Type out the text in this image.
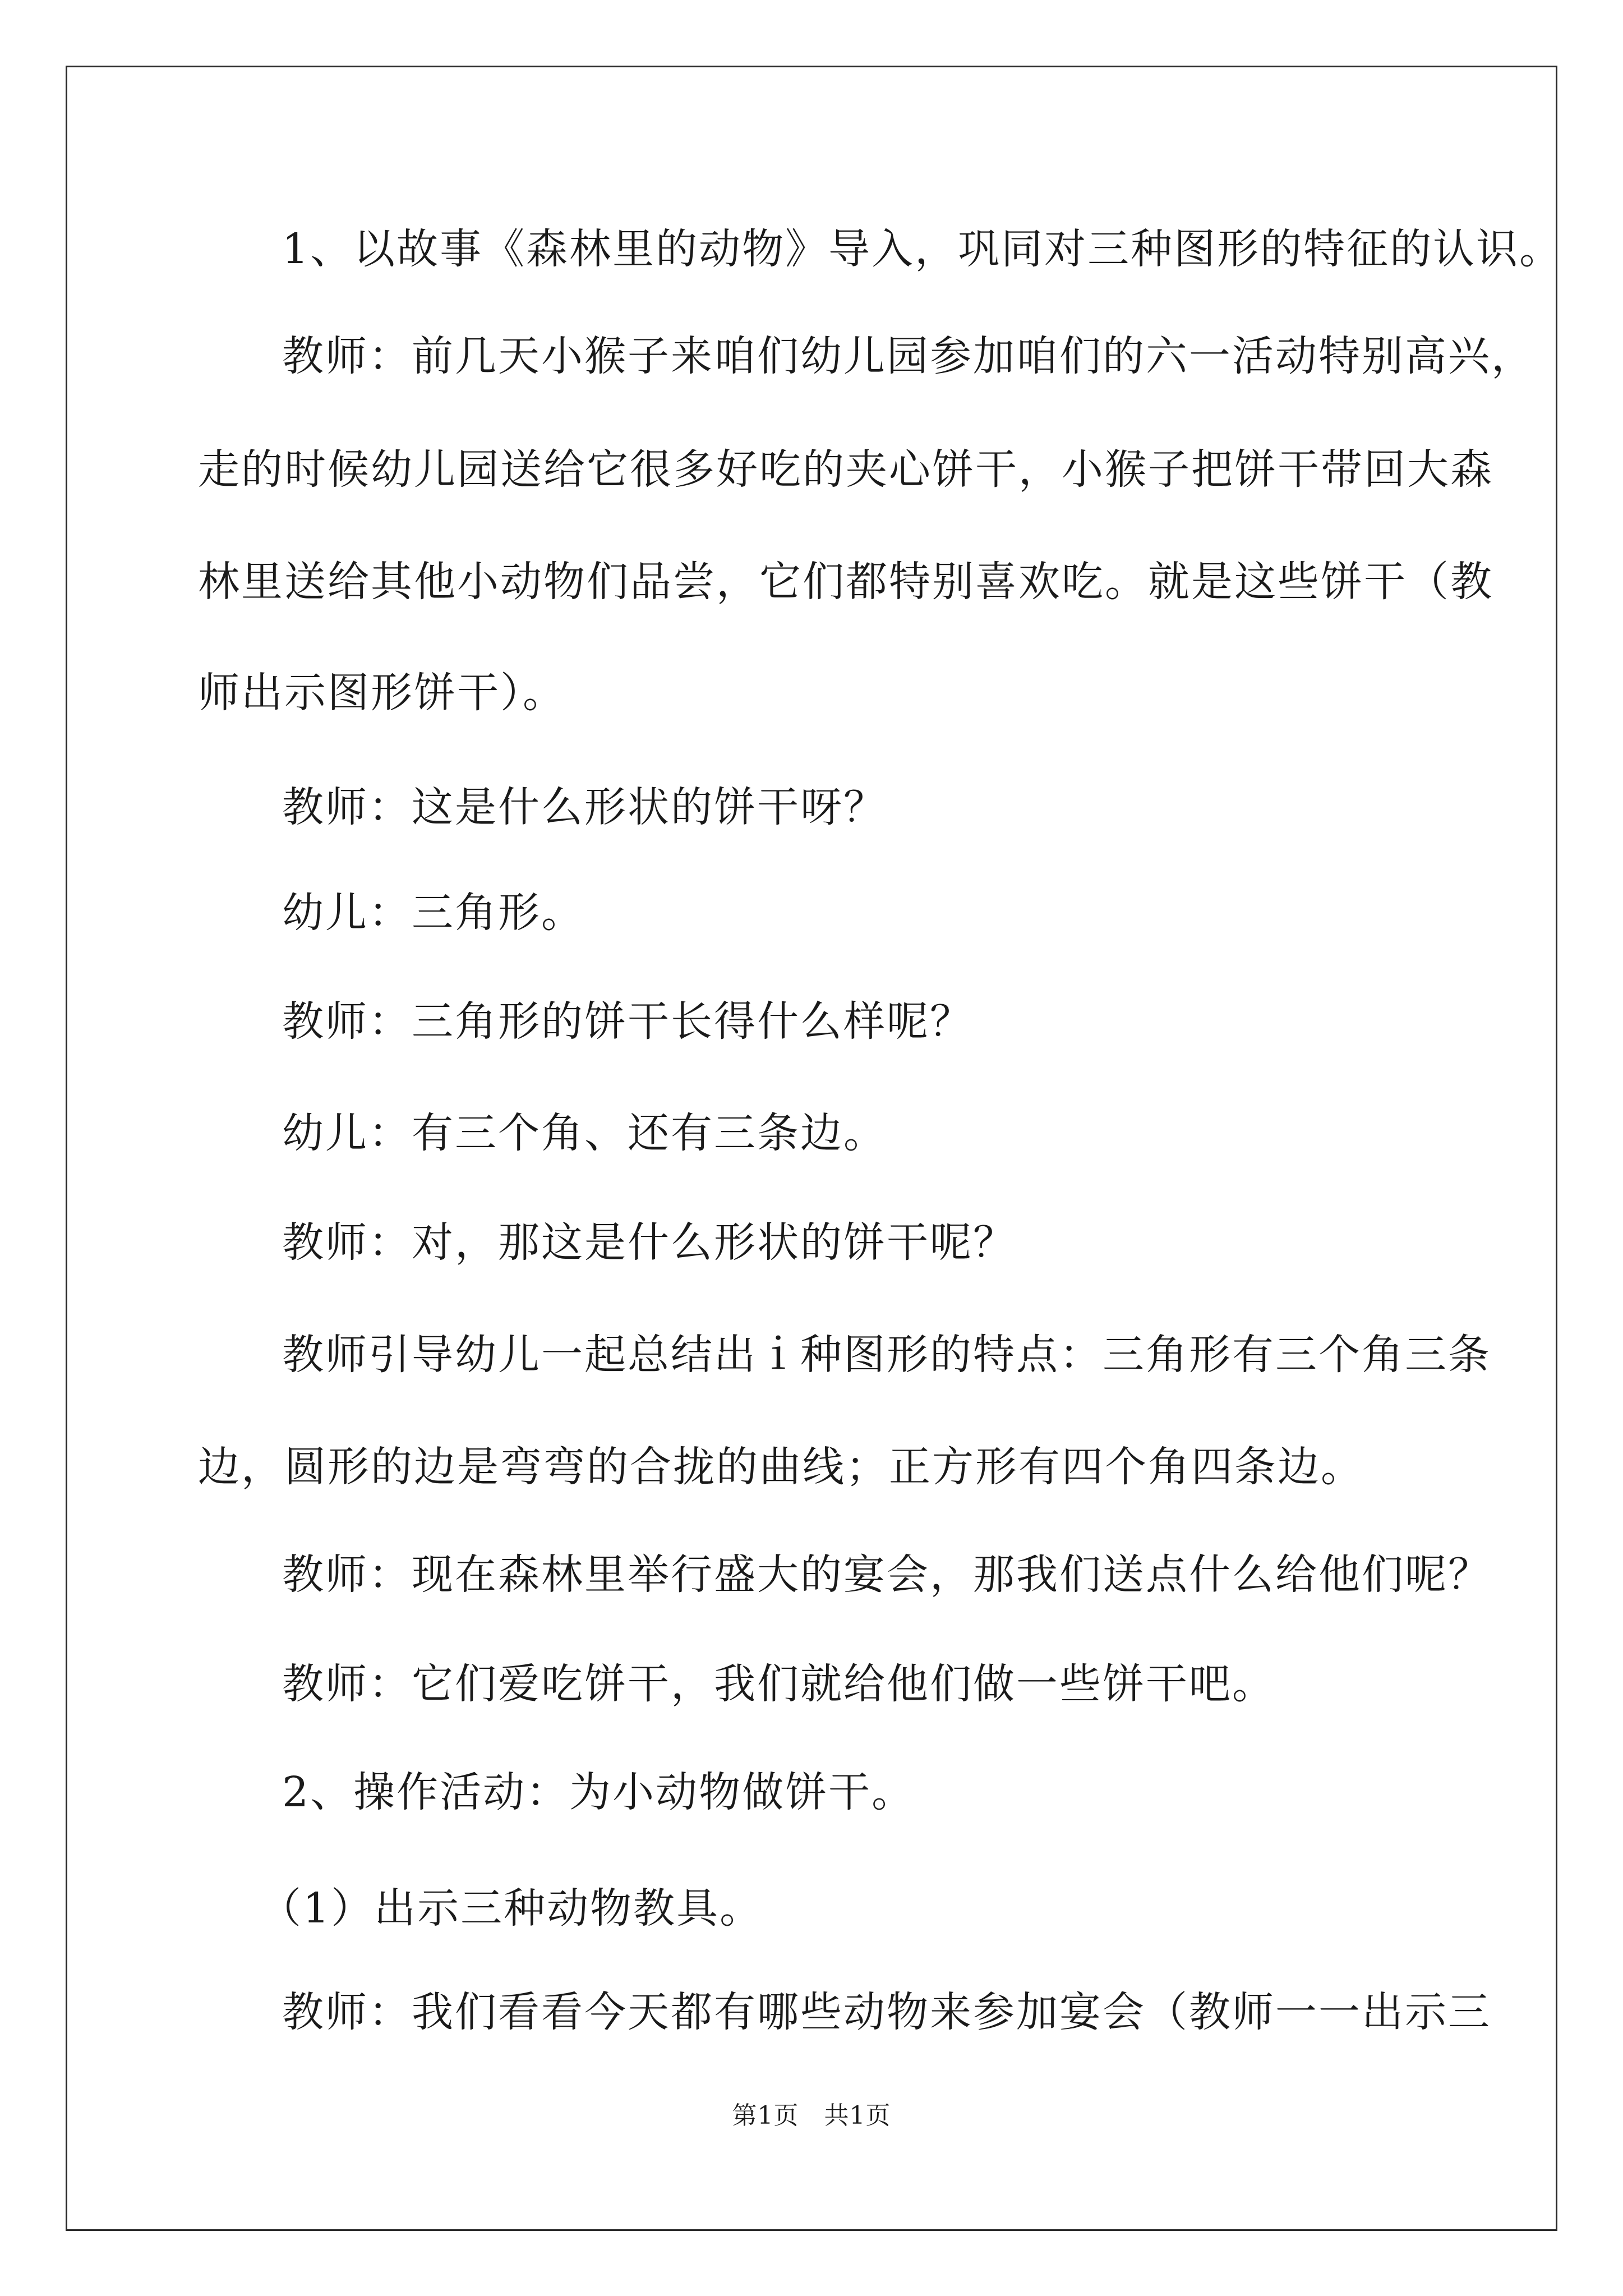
1、以故事《森林里的动物》导入，巩同对三种图形的特征的认识。
教师：前几天小猴子来咱们幼儿园参加咱们的六一活动特别高兴，
走的时候幼儿园送给它很多好吃的夹心饼干，小猴子把饼干带回大森
林里送给其他小动物们品尝，它们都特别喜欢吃。就是这些饼干（教
师出示图形饼干）。
教师：这是什么形状的饼干呀？
幼儿：三角形。
教师：三角形的饼干长得什么样呢？
幼儿：有三个角、还有三条边。
教师：对，那这是什么形状的饼干呢？
教师引导幼儿一起总结出ｉ种图形的特点：三角形有三个角三条
边，圆形的边是弯弯的合拢的曲线；正方形有四个角四条边。
教师：现在森林里举行盛大的宴会，那我们送点什么给他们呢？
教师：它们爱吃饼干，我们就给他们做一些饼干吧。
2、操作活动：为小动物做饼干。
（1）出示三种动物教具。
教师：我们看看今天都有哪些动物来参加宴会（教师一一出示三
第1页　共1页
